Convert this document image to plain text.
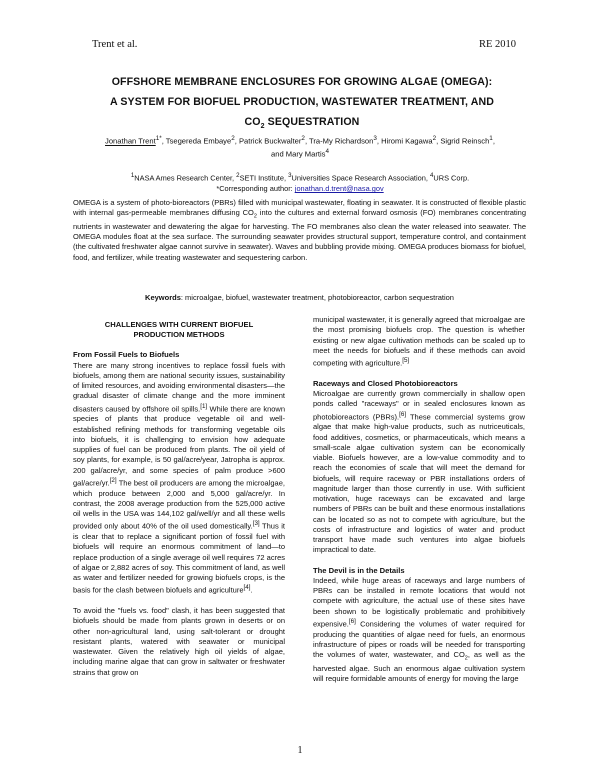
Trent et al.	RE 2010
OFFSHORE MEMBRANE ENCLOSURES FOR GROWING ALGAE (OMEGA):
A SYSTEM FOR BIOFUEL PRODUCTION, WASTEWATER TREATMENT, AND
$CO_2$ SEQUESTRATION
Jonathan Trent$^{1*}$, Tsegereda Embaye$^2$, Patrick Buckwalter$^2$, Tra-My Richardson$^3$, Hiromi Kagawa$^2$, Sigrid Reinsch$^1$, and Mary Martis$^4$
$^1$NASA Ames Research Center, $^2$SETI Institute, $^3$Universities Space Research Association, $^4$URS Corp.
*Corresponding author: jonathan.d.trent@nasa.gov
OMEGA is a system of photo-bioreactors (PBRs) filled with municipal wastewater, floating in seawater. It is constructed of flexible plastic with internal gas-permeable membranes diffusing $CO_2$ into the cultures and external forward osmosis (FO) membranes concentrating nutrients in wastewater and dewatering the algae for harvesting. The FO membranes also clean the water released into seawater. The OMEGA modules float at the sea surface. The surrounding seawater provides structural support, temperature control, and containment (the cultivated freshwater algae cannot survive in seawater). Waves and bubbling provide mixing. OMEGA produces biomass for biofuel, food, and fertilizer, while treating wastewater and sequestering carbon.
Keywords: microalgae, biofuel, wastewater treatment, photobioreactor, carbon sequestration
CHALLENGES WITH CURRENT BIOFUEL
PRODUCTION METHODS

From Fossil Fuels to Biofuels

There are many strong incentives to replace fossil fuels with biofuels, among them are national security issues, sustainability of limited resources, and avoiding environmental disasters—the gradual disaster of climate change and the more imminent disasters caused by offshore oil spills.[1] While there are known species of plants that produce vegetable oil and well-established refining methods for transforming vegetable oils into biofuels, it is challenging to envision how adequate supplies of fuel can be produced from plants. The oil yield of soy plants, for example, is 50 gal/acre/year, Jatropha is approx. 200 gal/acre/yr, and some species of palm produce >600 gal/acre/yr.[2] The best oil producers are among the microalgae, which produce between 2,000 and 5,000 gal/acre/yr. In contrast, the 2008 average production from the 525,000 active oil wells in the USA was 144,102 gal/well/yr and all these wells provided only about 40% of the oil used domestically.[3] Thus it is clear that to replace a significant portion of fossil fuel with biofuels will require an enormous commitment of land—to replace production of a single average oil well requires 72 acres of algae or 2,882 acres of soy. This commitment of land, as well as water and fertilizer needed for growing biofuels crops, is the basis for the clash between biofuels and agriculture[4].

To avoid the "fuels vs. food" clash, it has been suggested that biofuels should be made from plants grown in deserts or on other non-agricultural land, using salt-tolerant or drought resistant plants, watered with seawater or municipal wastewater. Given the relatively high oil yields of algae, including marine algae that can grow in saltwater or freshwater strains that grow on

municipal wastewater, it is generally agreed that microalgae are the most promising biofuels crop. The question is whether existing or new algae cultivation methods can be scaled up to meet the needs for biofuels and if these methods can avoid competing with agriculture.[5]

Raceways and Closed Photobioreactors

Microalgae are currently grown commercially in shallow open ponds called "raceways" or in sealed enclosures known as photobioreactors (PBRs).[6] These commercial systems grow algae that make high-value products, such as nutriceuticals, food additives, cosmetics, or pharmaceuticals, which means a small-scale algae cultivation system can be economically viable. Biofuels however, are a low-value commodity and to reach the economies of scale that will meet the demand for biofuels, will require raceway or PBR installations orders of magnitude larger than those currently in use. With sufficient motivation, huge raceways can be excavated and large numbers of PBRs can be built and these enormous installations can be located so as not to compete with agriculture, but the costs of infrastructure and logistics of water and product transport have made such ventures into algae biofuels impractical to date.

The Devil is in the Details

Indeed, while huge areas of raceways and large numbers of PBRs can be installed in remote locations that would not compete with agriculture, the actual use of these sites have been shown to be logistically problematic and prohibitively expensive.[6] Considering the volumes of water required for producing the quantities of algae need for fuels, an enormous infrastructure of pipes or roads will be needed for transporting the volumes of water, wastewater, and $CO_2$, as well as the harvested algae. Such an enormous algae cultivation system will require formidable amounts of energy for moving the large

1
